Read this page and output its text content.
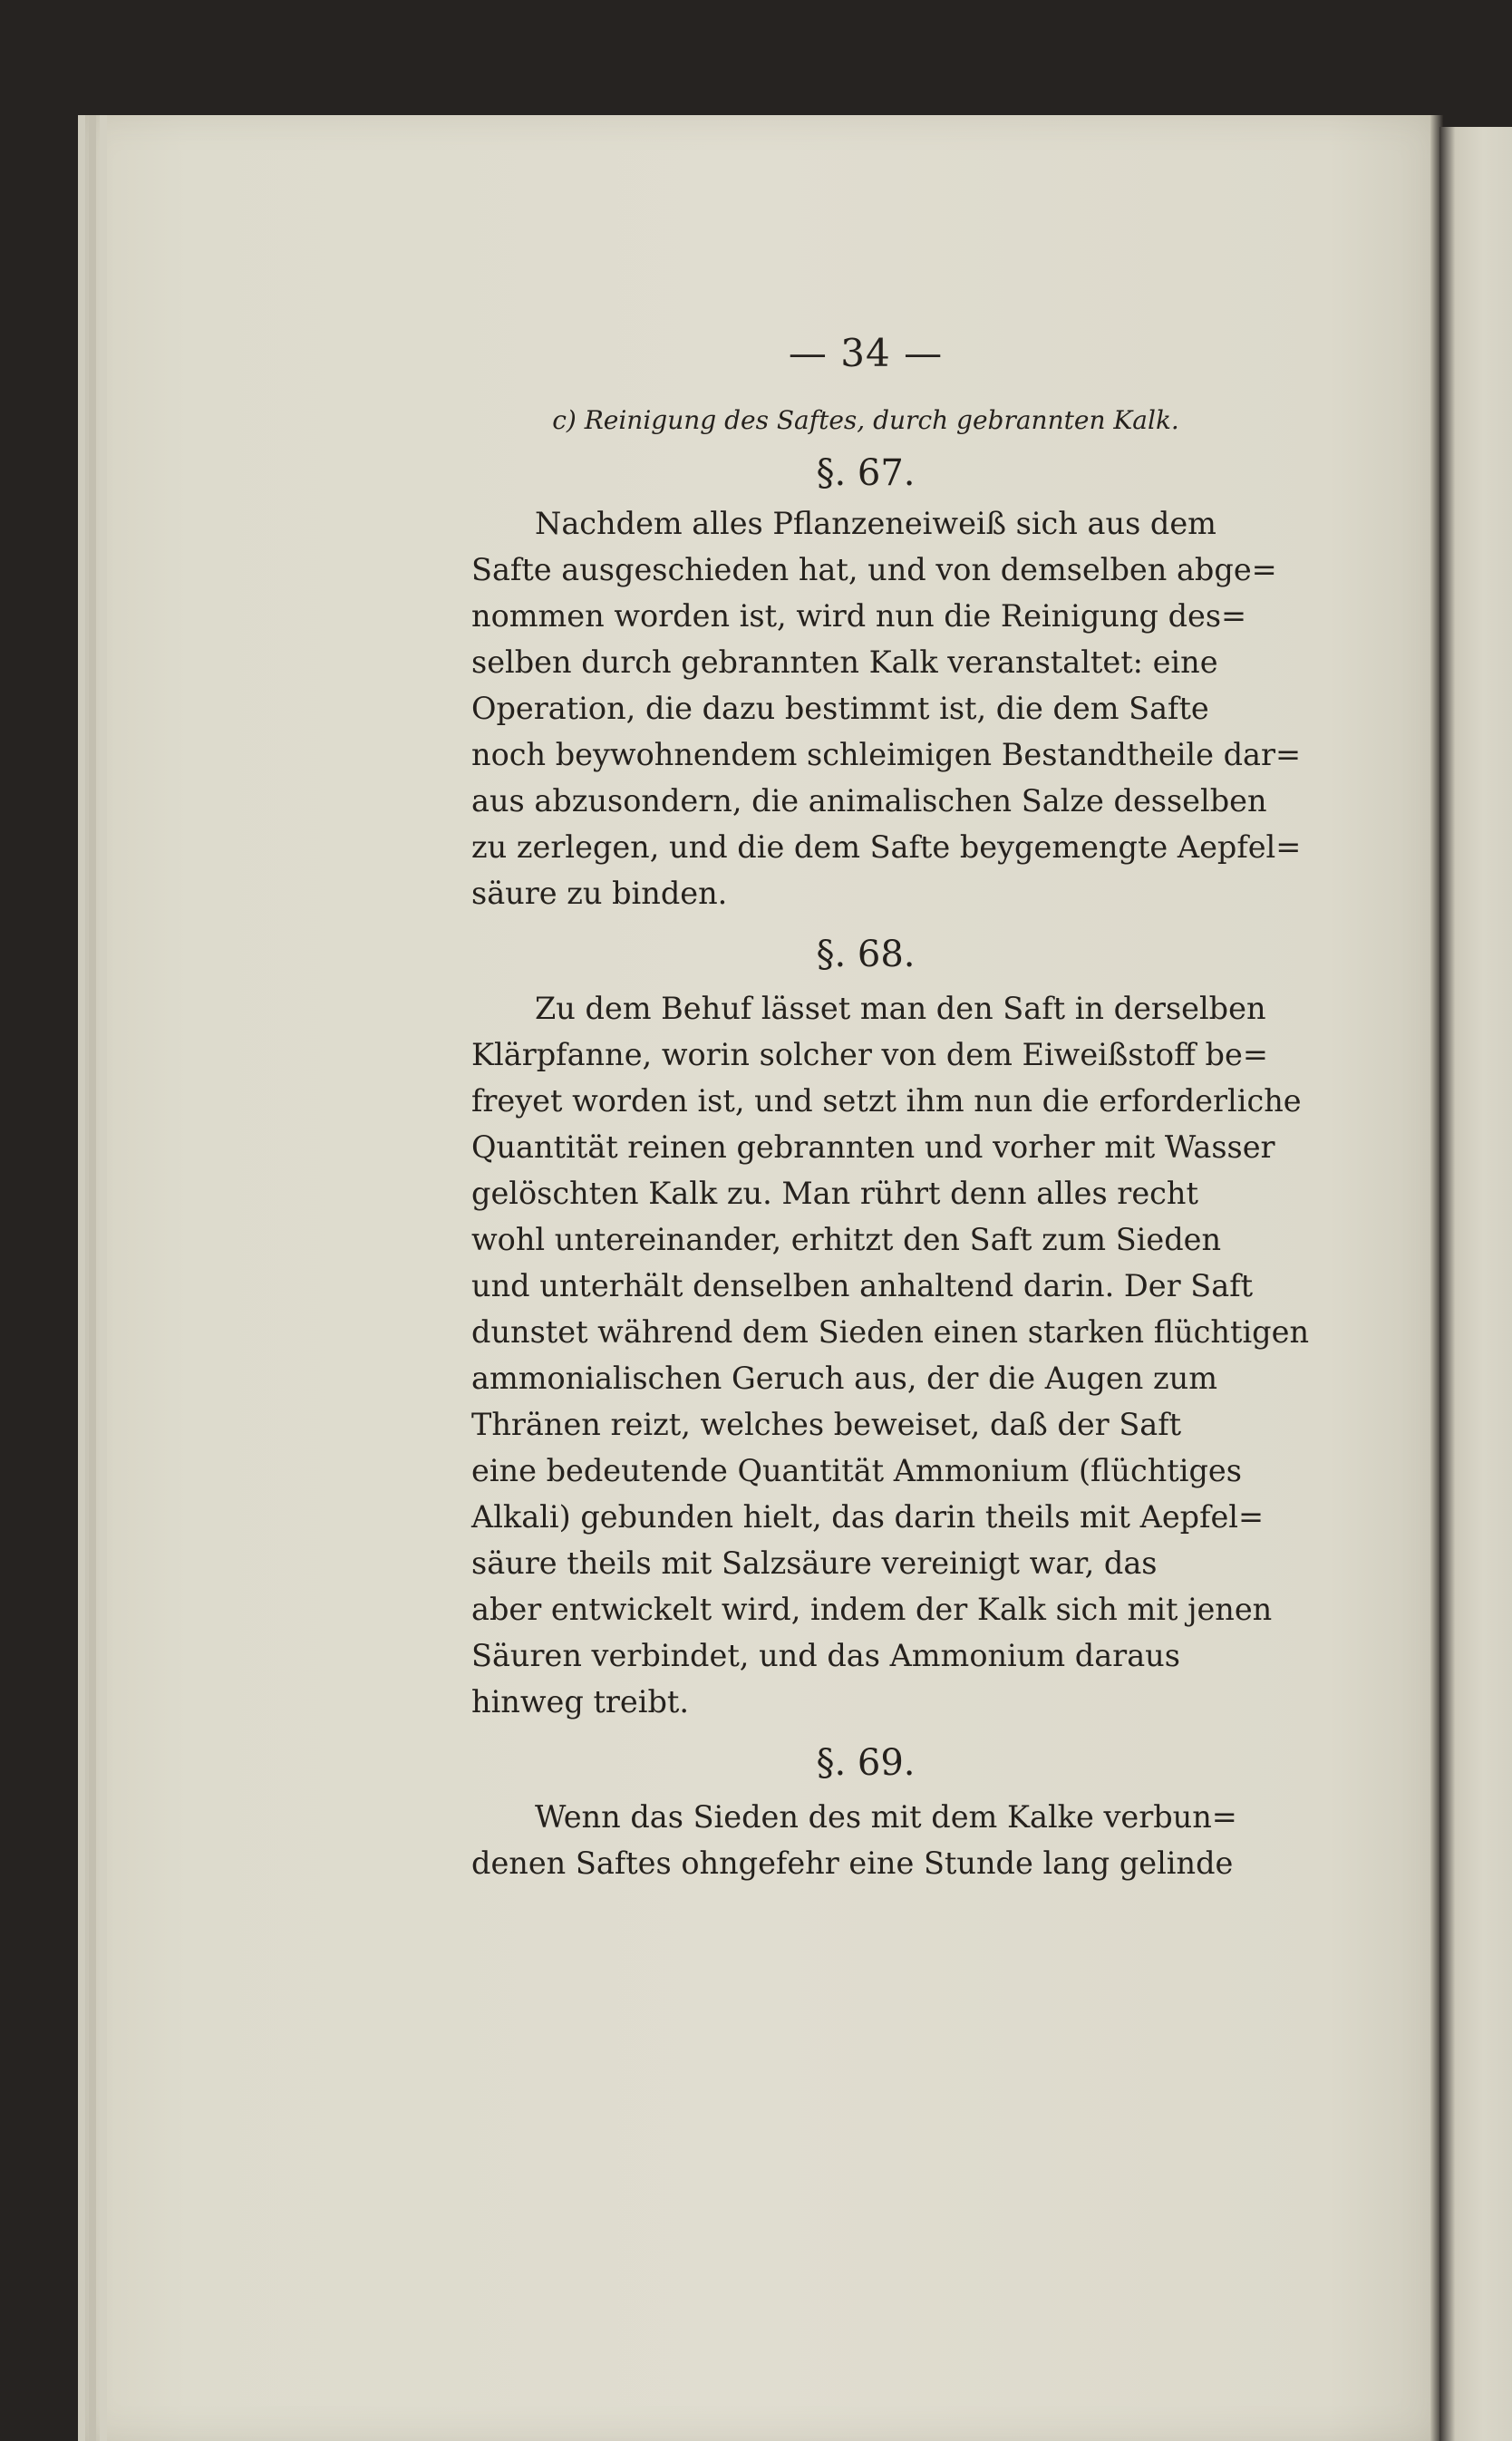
— 34 —
c) Reinigung des Saftes, durch gebrannten Kalk.
§. 67.
Nachdem alles Pflanzeneiweiß sich aus dem
Safte ausgeschieden hat, und von demselben abge=
nommen worden ist, wird nun die Reinigung des=
selben durch gebrannten Kalk veranstaltet: eine
Operation, die dazu bestimmt ist, die dem Safte
noch beywohnendem schleimigen Bestandtheile dar=
aus abzusondern, die animalischen Salze desselben
zu zerlegen, und die dem Safte beygemengte Aepfel=
säure zu binden.
§. 68.
Zu dem Behuf lässet man den Saft in derselben
Klärpfanne, worin solcher von dem Eiweißstoff be=
freyet worden ist, und setzt ihm nun die erforderliche
Quantität reinen gebrannten und vorher mit Wasser
gelöschten Kalk zu. Man rührt denn alles recht
wohl untereinander, erhitzt den Saft zum Sieden
und unterhält denselben anhaltend darin. Der Saft
dunstet während dem Sieden einen starken flüchtigen
ammonialischen Geruch aus, der die Augen zum
Thränen reizt, welches beweiset, daß der Saft
eine bedeutende Quantität Ammonium (flüchtiges
Alkali) gebunden hielt, das darin theils mit Aepfel=
säure theils mit Salzsäure vereinigt war, das
aber entwickelt wird, indem der Kalk sich mit jenen
Säuren verbindet, und das Ammonium daraus
hinweg treibt.
§. 69.
Wenn das Sieden des mit dem Kalke verbun=
denen Saftes ohngefehr eine Stunde lang gelinde
